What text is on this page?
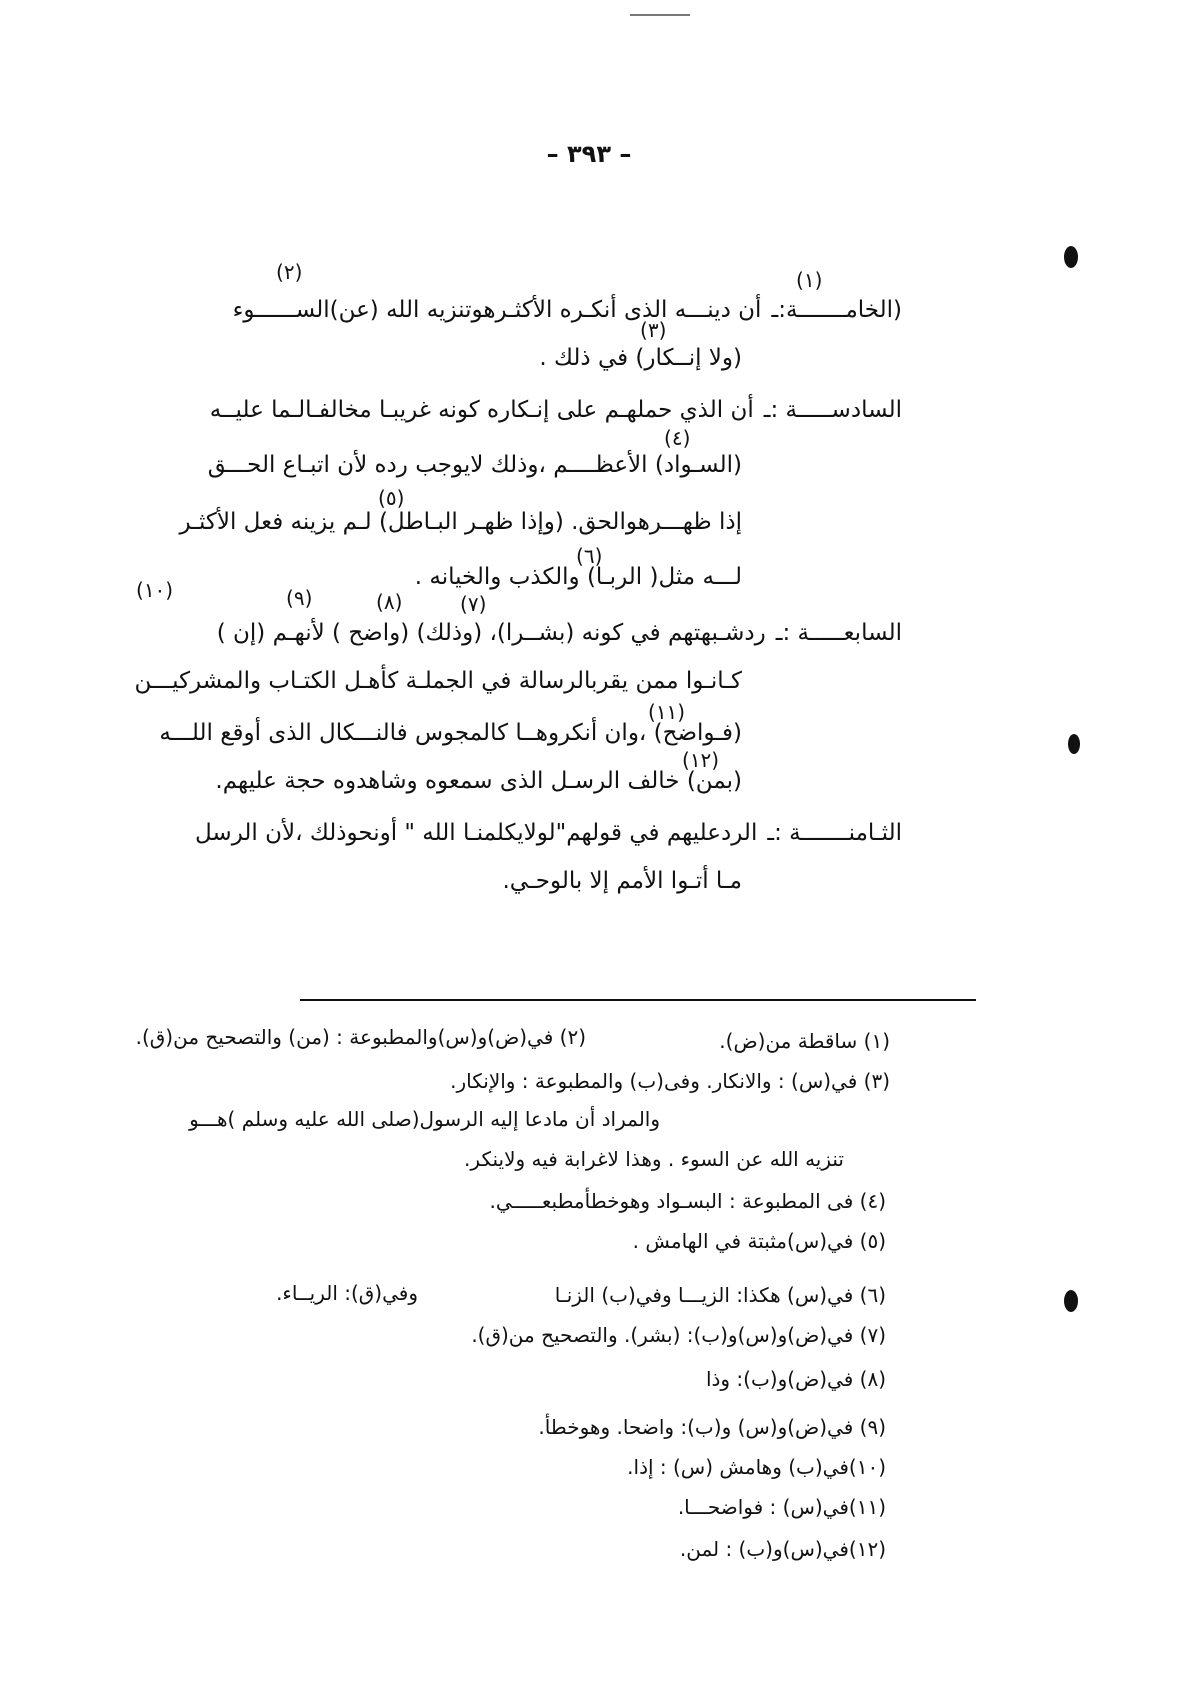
– ٣٩٣ –
(١)
(٢)
(الخامـــــــة:ـأن دينـــه الذى أنكـره الأكثـرهوتنزيه الله (عن)الســــــوء
(٣)
(ولا إنــكار) في ذلك .
السادســـــة :ـأن الذي حملهـم على إنـكاره كونه غريبـا مخالفـالـما عليــه
(٤)
(السـواد) الأعظــــم ،وذلك لايوجب رده لأن اتبـاع الحـــق
(٥)
إذا ظهـــرهوالحق. (وإذا ظهـر البـاطل) لـم يزينه فعل الأكثـر
(٦)
لـــه مثل( الربـا) والكذب والخيانه .
(٧)
(٨)
(٩)
(١٠)
السابعـــــة :ـردشـبهتهم في كونه (بشــرا)، (وذلك) (واضح ) لأنهـم (إن )
كـانـوا ممن يقربالرسالة في الجملـة كأهـل الكتـاب والمشركيـــن
(١١)
(فـواضح) ،وان أنكروهــا كالمجوس فالنـــكال الذى أوقع اللـــه
(١٢)
(بمن) خالف الرسـل الذى سمعوه وشاهدوه حجة عليهم.
الثـامنـــــــة :ـالردعليهم في قولهم"لولايكلمنـا الله " أونحوذلك ،لأن الرسل
مـا أتـوا الأمم إلا بالوحـي.
(١) ساقطة من(ض).
(٢) في(ض)و(س)والمطبوعة : (من) والتصحيح من(ق).
(٣) في(س) : والانكار. وفى(ب) والمطبوعة : والإنكار.
والمراد أن مادعا إليه الرسول(صلى الله عليه وسلم )هـــو
تنزيه الله عن السوء . وهذا لاغرابة فيه ولاينكر.
(٤) فى المطبوعة : البسـواد وهوخطأمطبعـــــي.
(٥) في(س)مثبتة في الهامش .
(٦) في(س) هكذا: الزيـــا وفي(ب) الزنـا
وفي(ق): الريــاء.
(٧) في(ض)و(س)و(ب): (بشر). والتصحيح من(ق).
(٨) في(ض)و(ب): وذا
(٩) في(ض)و(س) و(ب): واضحا. وهوخطأ.
(١٠)في(ب) وهامش (س) : إذا.
(١١)في(س) : فواضحـــا.
(١٢)في(س)و(ب) : لمن.
